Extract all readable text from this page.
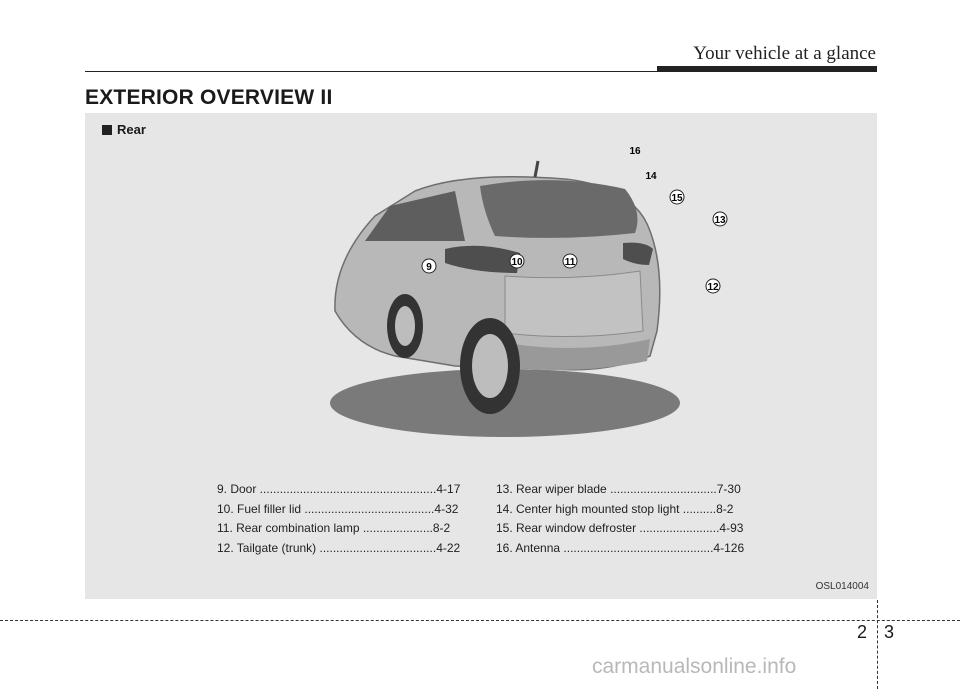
Your vehicle at a glance
EXTERIOR OVERVIEW II
Rear
9	10	11
12
13
14
15
16
9. Door .....................................................4-17
10. Fuel filler lid .......................................4-32
11. Rear combination lamp .....................8-2
12. Tailgate (trunk) ...................................4-22
13. Rear wiper blade ................................7-30
14. Center high mounted stop light ..........8-2
15. Rear window defroster ........................4-93
16. Antenna .............................................4-126
OSL014004
2 3
carmanualsonline.info
